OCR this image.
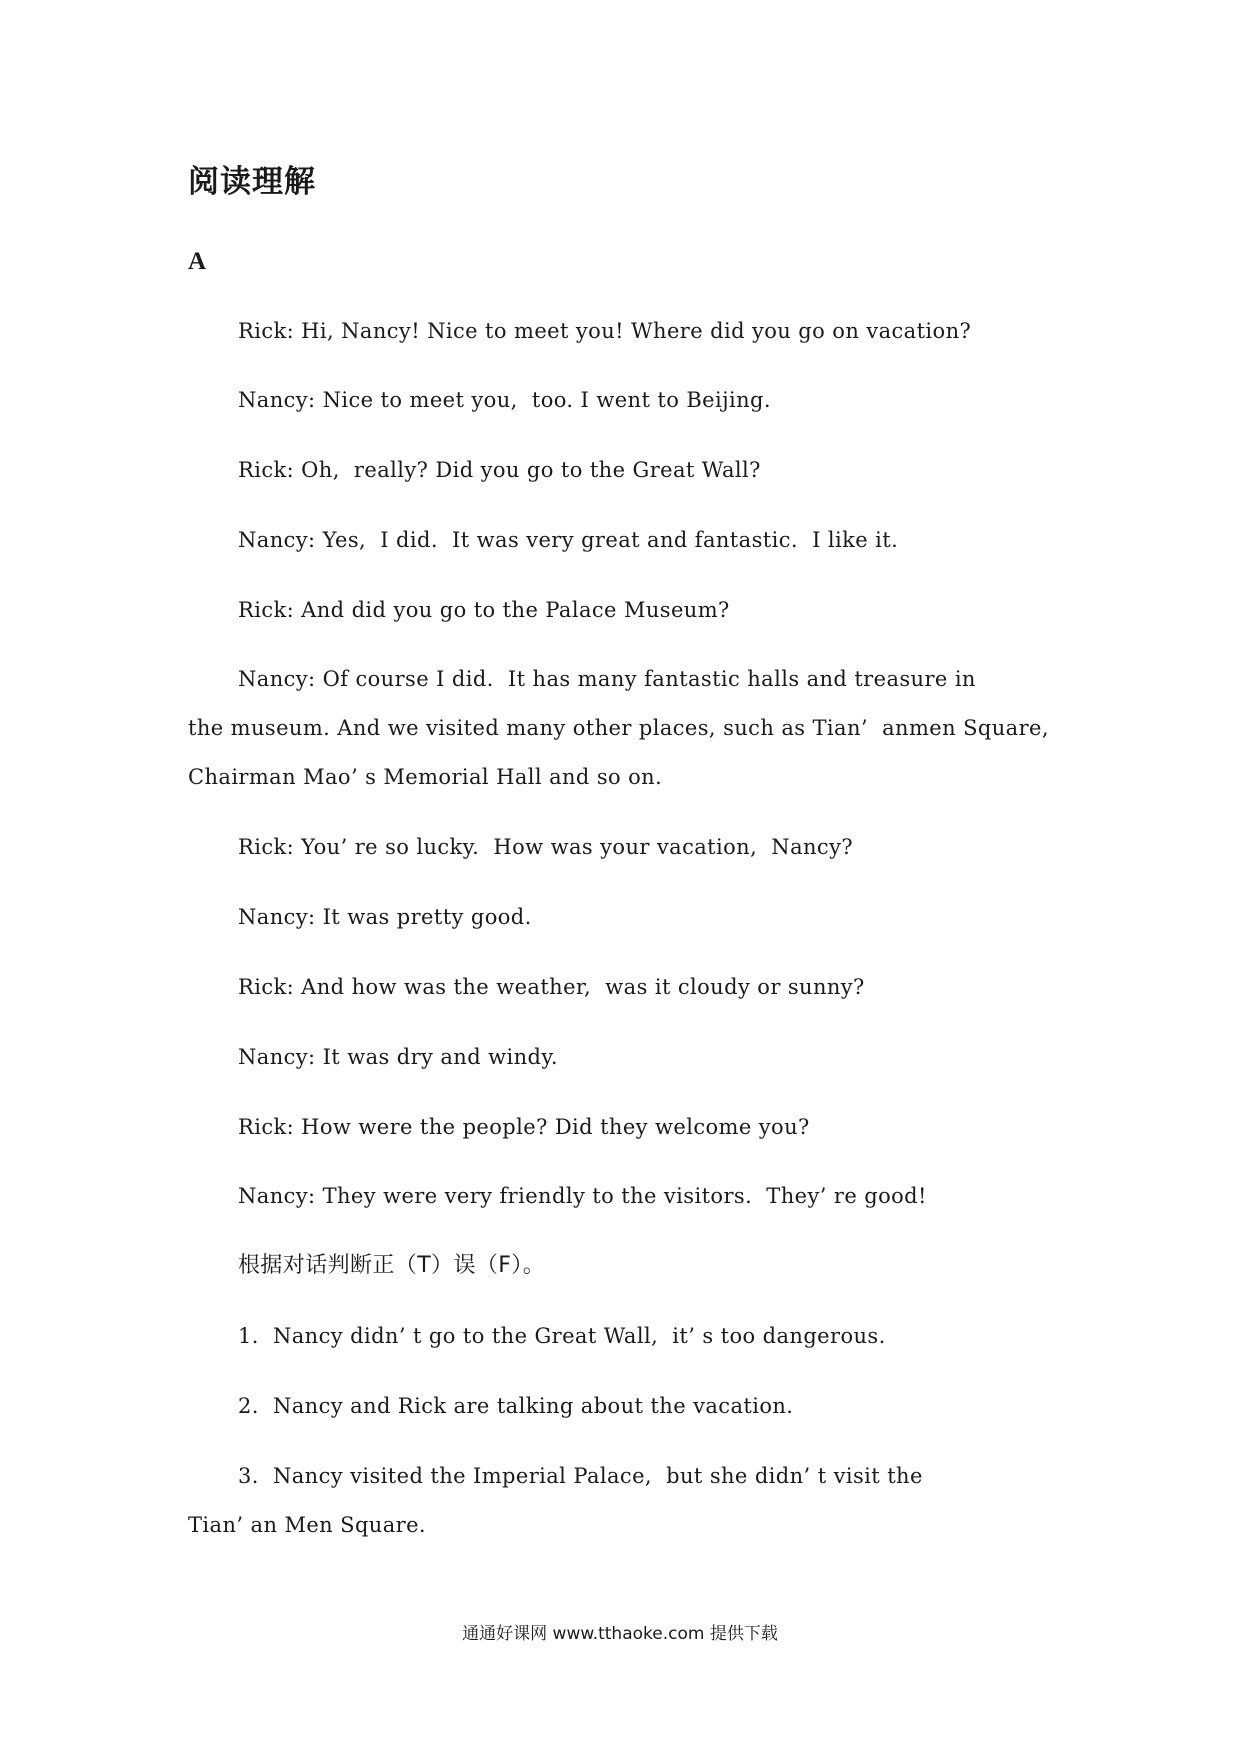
阅读理解
A

Rick: Hi, Nancy! Nice to meet you! Where did you go on vacation?

Nancy: Nice to meet you,  too. I went to Beijing.

Rick: Oh,  really? Did you go to the Great Wall?

Nancy: Yes,  I did.  It was very great and fantastic.  I like it.

Rick: And did you go to the Palace Museum?

Nancy: Of course I did.  It has many fantastic halls and treasure in

the museum. And we visited many other places, such as Tian’  anmen Square,

Chairman Mao’ s Memorial Hall and so on.

Rick: You’ re so lucky.  How was your vacation,  Nancy?

Nancy: It was pretty good.

Rick: And how was the weather,  was it cloudy or sunny?

Nancy: It was dry and windy.

Rick: How were the people? Did they welcome you?

Nancy: They were very friendly to the visitors.  They’ re good!

根据对话判断正（T）误（F）。

1.  Nancy didn’ t go to the Great Wall,  it’ s too dangerous.

2.  Nancy and Rick are talking about the vacation.

3.  Nancy visited the Imperial Palace,  but she didn’ t visit the

Tian’ an Men Square.

通通好课网 www.tthaoke.com 提供下载
